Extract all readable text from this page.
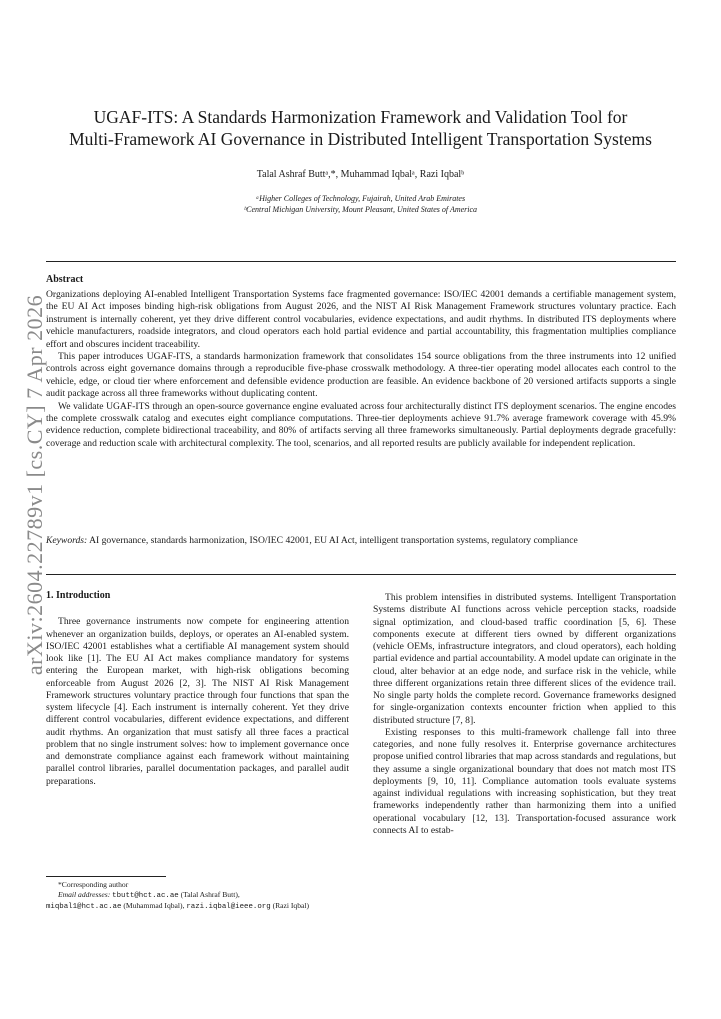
arXiv:2604.22789v1 [cs.CY] 7 Apr 2026
UGAF-ITS: A Standards Harmonization Framework and Validation Tool for
Multi-Framework AI Governance in Distributed Intelligent Transportation Systems
Talal Ashraf Buttᵃ,*, Muhammad Iqbalᵃ, Razi Iqbalᵇ
ᵃHigher Colleges of Technology, Fujairah, United Arab Emirates
ᵇCentral Michigan University, Mount Pleasant, United States of America
Abstract

Organizations deploying AI-enabled Intelligent Transportation Systems face fragmented governance: ISO/IEC 42001 demands a certifiable management system, the EU AI Act imposes binding high-risk obligations from August 2026, and the NIST AI Risk Management Framework structures voluntary practice. Each instrument is internally coherent, yet they drive different control vocabularies, evidence expectations, and audit rhythms. In distributed ITS deployments where vehicle manufacturers, roadside integrators, and cloud operators each hold partial evidence and partial accountability, this fragmentation multiplies compliance effort and obscures incident traceability.

This paper introduces UGAF-ITS, a standards harmonization framework that consolidates 154 source obligations from the three instruments into 12 unified controls across eight governance domains through a reproducible five-phase crosswalk methodology. A three-tier operating model allocates each control to the vehicle, edge, or cloud tier where enforcement and defensible evidence production are feasible. An evidence backbone of 20 versioned artifacts supports a single audit package across all three frameworks without duplicating content.

We validate UGAF-ITS through an open-source governance engine evaluated across four architecturally distinct ITS deployment scenarios. The engine encodes the complete crosswalk catalog and executes eight compliance computations. Three-tier deployments achieve 91.7% average framework coverage with 45.9% evidence reduction, complete bidirectional traceability, and 80% of artifacts serving all three frameworks simultaneously. Partial deployments degrade gracefully: coverage and reduction scale with architectural complexity. The tool, scenarios, and all reported results are publicly available for independent replication.

Keywords: AI governance, standards harmonization, ISO/IEC 42001, EU AI Act, intelligent transportation systems, regulatory compliance
1. Introduction

Three governance instruments now compete for engineering attention whenever an organization builds, deploys, or operates an AI-enabled system. ISO/IEC 42001 establishes what a certifiable AI management system should look like [1]. The EU AI Act makes compliance mandatory for systems entering the European market, with high-risk obligations becoming enforceable from August 2026 [2, 3]. The NIST AI Risk Management Framework structures voluntary practice through four functions that span the system lifecycle [4]. Each instrument is internally coherent. Yet they drive different control vocabularies, different evidence expectations, and different audit rhythms. An organization that must satisfy all three faces a practical problem that no single instrument solves: how to implement governance once and demonstrate compliance against each framework without maintaining parallel control libraries, parallel documentation packages, and parallel audit preparations.

This problem intensifies in distributed systems. Intelligent Transportation Systems distribute AI functions across vehicle perception stacks, roadside signal optimization, and cloud-based traffic coordination [5, 6]. These components execute at different tiers owned by different organizations (vehicle OEMs, infrastructure integrators, and cloud operators), each holding partial evidence and partial accountability. A model update can originate in the cloud, alter behavior at an edge node, and surface risk in the vehicle, while three different organizations retain three different slices of the evidence trail. No single party holds the complete record. Governance frameworks designed for single-organization contexts encounter friction when applied to this distributed structure [7, 8].

Existing responses to this multi-framework challenge fall into three categories, and none fully resolves it. Enterprise governance architectures propose unified control libraries that map across standards and regulations, but they assume a single organizational boundary that does not match most ITS deployments [9, 10, 11]. Compliance automation tools evaluate systems against individual regulations with increasing sophistication, but they treat frameworks independently rather than harmonizing them into a unified operational vocabulary [12, 13]. Transportation-focused assurance work connects AI to estab-

*Corresponding author
Email addresses: tbutt@hct.ac.ae (Talal Ashraf Butt),
miqbal1@hct.ac.ae (Muhammad Iqbal), razi.iqbal@ieee.org (Razi Iqbal)
